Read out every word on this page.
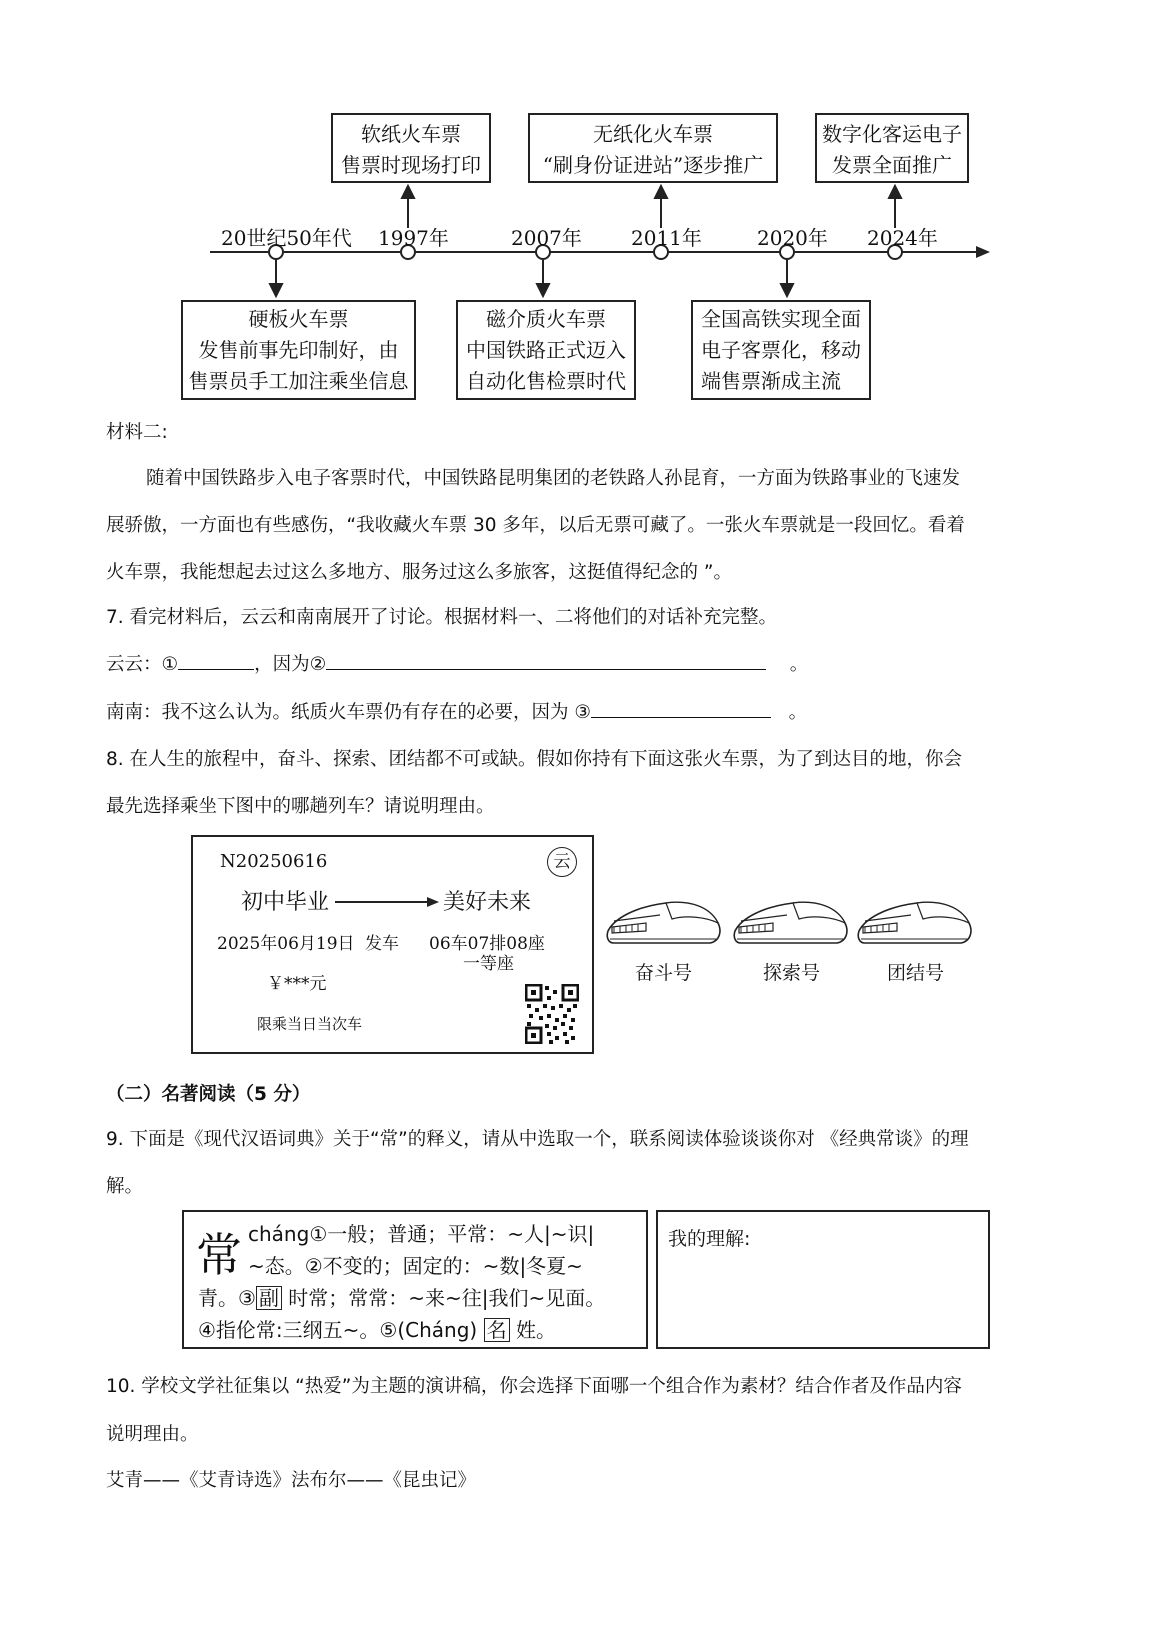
20世纪50年代 1997年	2007年 2011年	2020年 2024年
软纸火车票
售票时现场打印
无纸化火车票
“刷身份证进站”逐步推广
数字化客运电子
发票全面推广
硬板火车票
发售前事先印制好，由
售票员手工加注乘坐信息
磁介质火车票
中国铁路正式迈入
自动化售检票时代
全国高铁实现全面
电子客票化，移动
端售票渐成主流
材料二:
随着中国铁路步入电子客票时代，中国铁路昆明集团的老铁路人孙昆育，一方面为铁路事业的飞速发
展骄傲，一方面也有些感伤，“我收藏火车票 30 多年，以后无票可藏了。一张火车票就是一段回忆。看着
火车票，我能想起去过这么多地方、服务过这么多旅客，这挺值得纪念的 ”。
7. 看完材料后，云云和南南展开了讨论。根据材料一、二将他们的对话补充完整。
云云：①	，因为②	。
南南：我不这么认为。纸质火车票仍有存在的必要，因为 ③	。
8. 在人生的旅程中，奋斗、探索、团结都不可或缺。假如你持有下面这张火车票，为了到达目的地，你会
最先选择乘坐下图中的哪趟列车？请说明理由。
N20250616	云
初中毕业	美好未来
2025年06月19日 发车 06车07排08座
一等座
￥***元
限乘当日当次车
奋斗号	探索号	团结号
（二）名著阅读（5 分）
9. 下面是《现代汉语词典》关于“常”的释义，请从中选取一个，联系阅读体验谈谈你对 《经典常谈》的理
解。
常 cháng①一般；普通；平常：~人|~识|
~态。②不变的；固定的：~数|冬夏~
青。③ 副 时常；常常：~来~往|我们~见面。
④指伦常:三纲五~。⑤(Cháng) 名 姓。
我的理解:
10. 学校文学社征集以 “热爱”为主题的演讲稿，你会选择下面哪一个组合作为素材？结合作者及作品内容
说明理由。
艾青——《艾青诗选》法布尔——《昆虫记》
